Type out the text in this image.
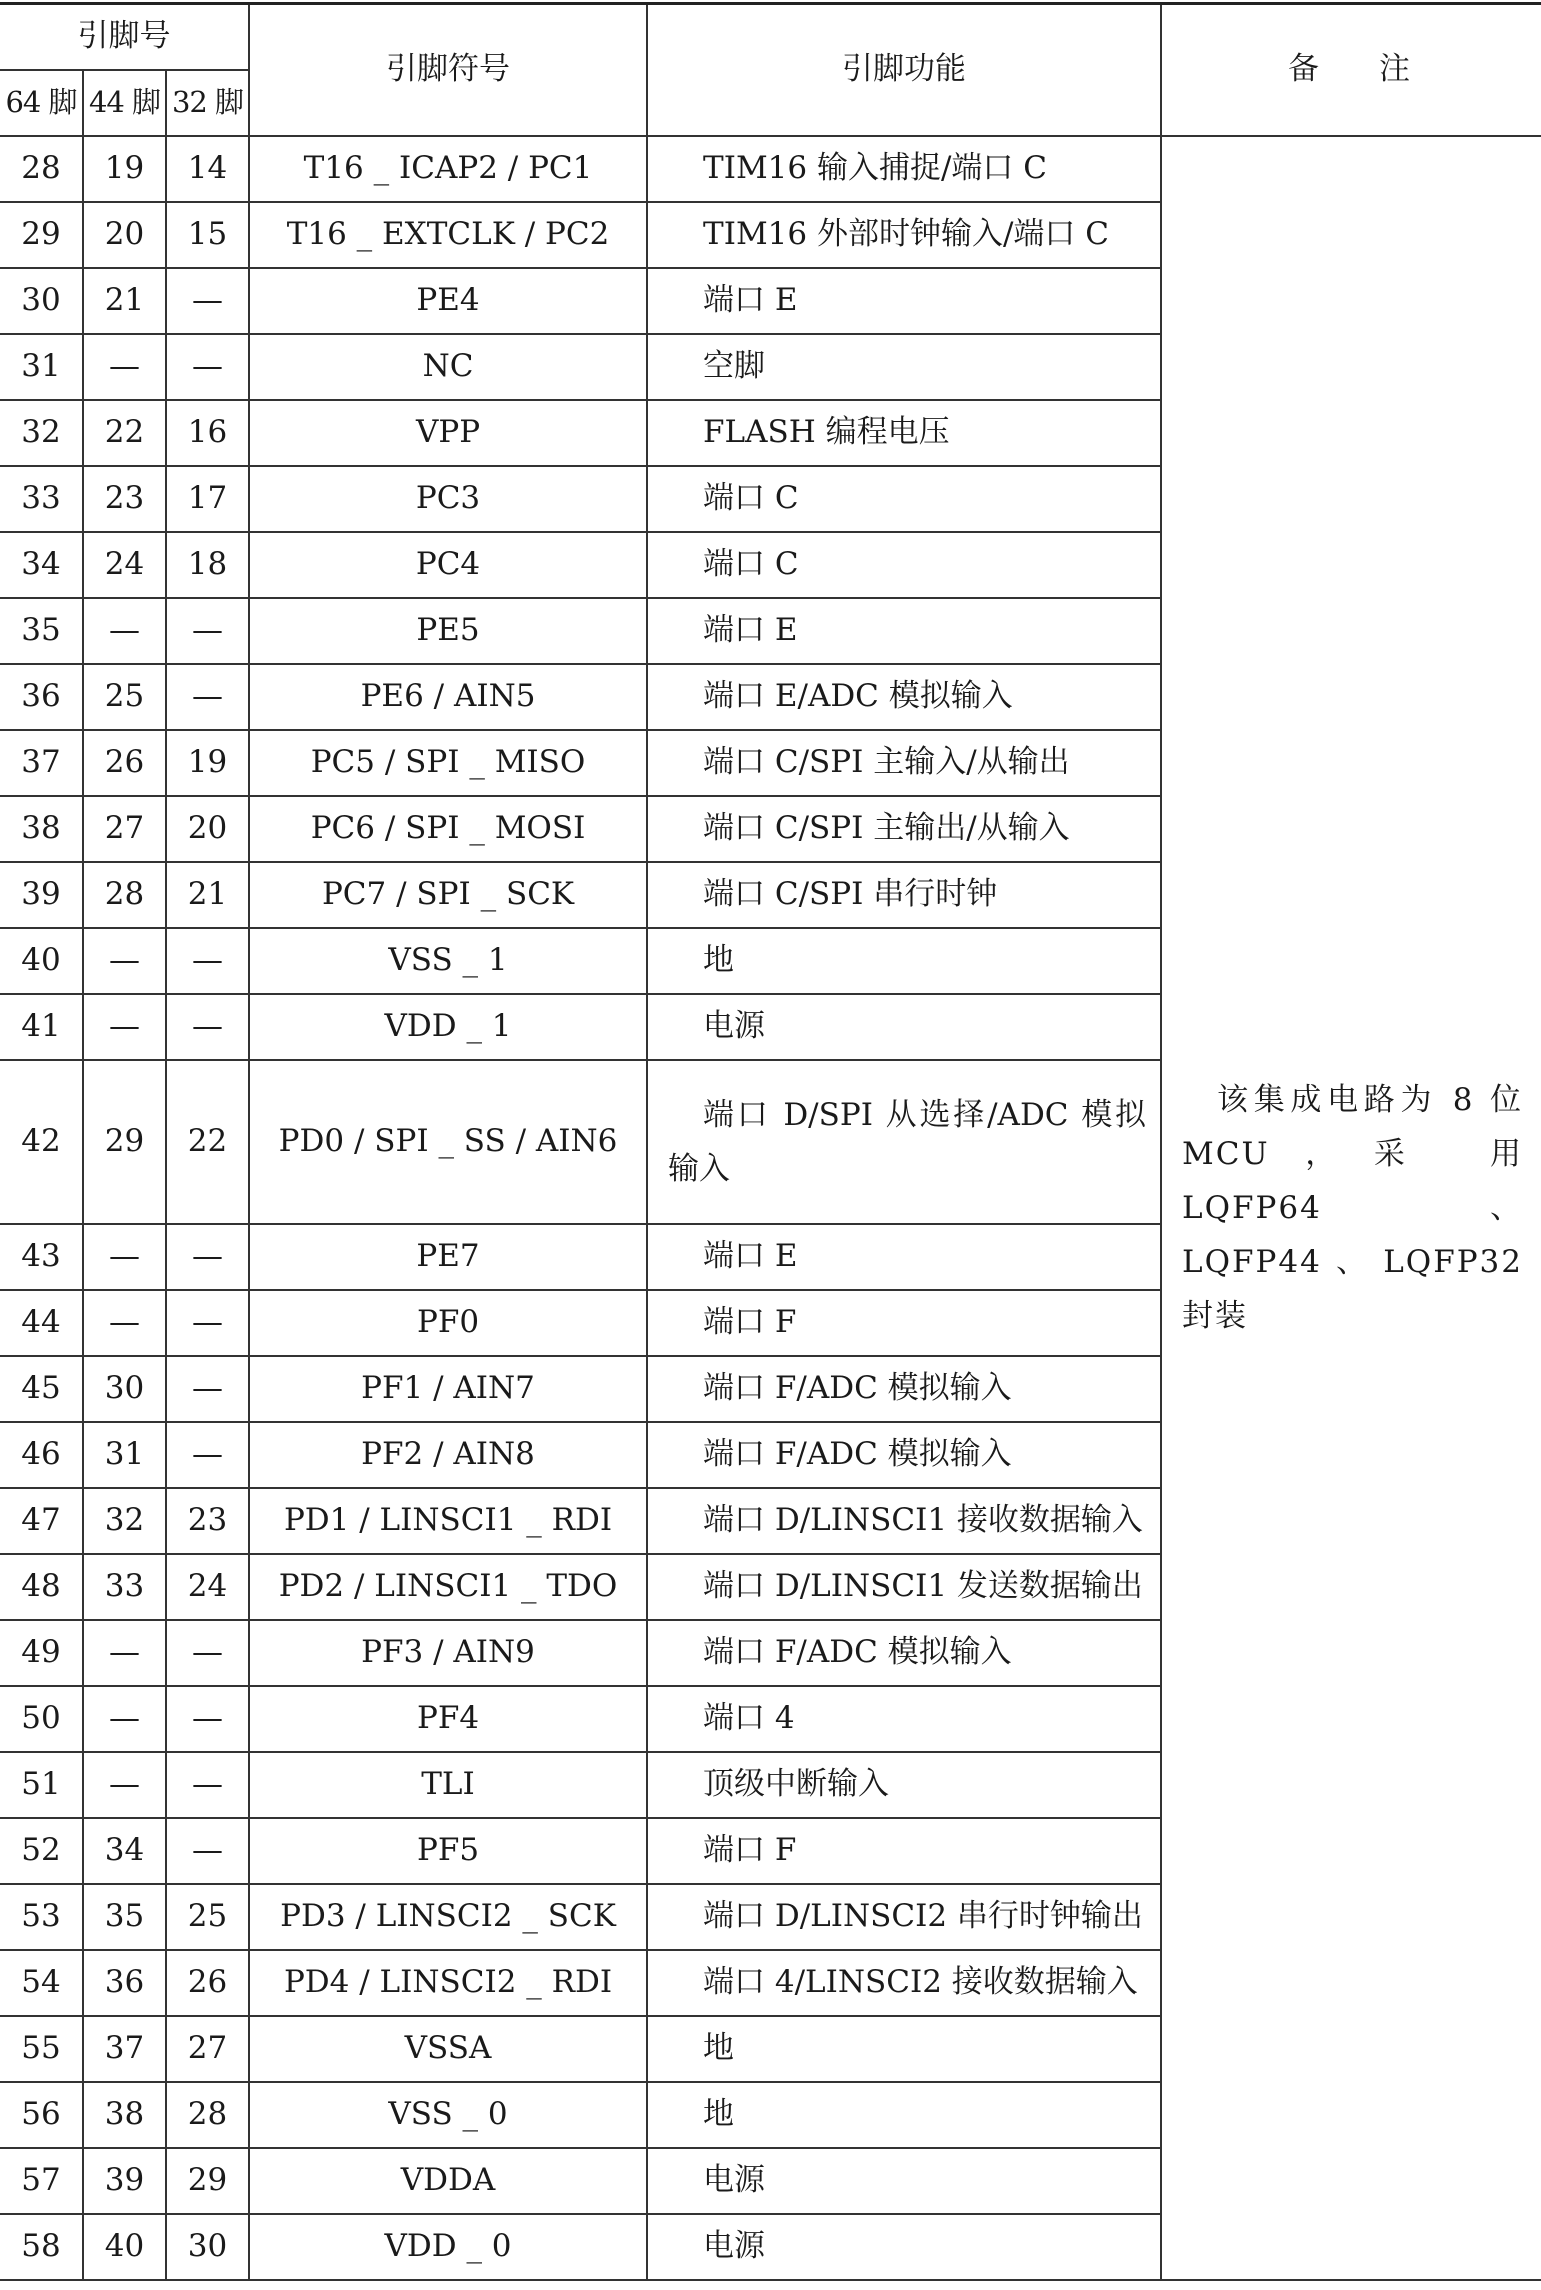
引脚号			引脚符号	引脚功能	备注
64 脚	44 脚	32 脚			
28	19	14	T16 _ ICAP2 / PC1	TIM16 输入捕捉/端口 C	该集成电路为 8 位 MCU，采 用 LQFP64、LQFP44、LQFP32 封装

29	20	15	T16 _ EXTCLK / PC2	TIM16 外部时钟输入/端口 C	
30	21	—	PE4	端口 E	
31	—	—	NC	空脚	
32	22	16	VPP	FLASH 编程电压	
33	23	17	PC3	端口 C	
34	24	18	PC4	端口 C	
35	—	—	PE5	端口 E	
36	25	—	PE6 / AIN5	端口 E/ADC 模拟输入	
37	26	19	PC5 / SPI _ MISO	端口 C/SPI 主输入/从输出	
38	27	20	PC6 / SPI _ MOSI	端口 C/SPI 主输出/从输入	
39	28	21	PC7 / SPI _ SCK	端口 C/SPI 串行时钟	
40	—	—	VSS _ 1	地	
41	—	—	VDD _ 1	电源	
42	29	22	PD0 / SPI _ SS / AIN6	端口 D/SPI 从选择/ADC 模拟输入	

43	—	—	PE7	端口 E	
44	—	—	PF0	端口 F	
45	30	—	PF1 / AIN7	端口 F/ADC 模拟输入	
46	31	—	PF2 / AIN8	端口 F/ADC 模拟输入	
47	32	23	PD1 / LINSCI1 _ RDI	端口 D/LINSCI1 接收数据输入	
48	33	24	PD2 / LINSCI1 _ TDO	端口 D/LINSCI1 发送数据输出	
49	—	—	PF3 / AIN9	端口 F/ADC 模拟输入	
50	—	—	PF4	端口 4	
51	—	—	TLI	顶级中断输入	
52	34	—	PF5	端口 F	
53	35	25	PD3 / LINSCI2 _ SCK	端口 D/LINSCI2 串行时钟输出	
54	36	26	PD4 / LINSCI2 _ RDI	端口 4/LINSCI2 接收数据输入	
55	37	27	VSSA	地	
56	38	28	VSS _ 0	地	
57	39	29	VDDA	电源	
58	40	30	VDD _ 0	电源	
